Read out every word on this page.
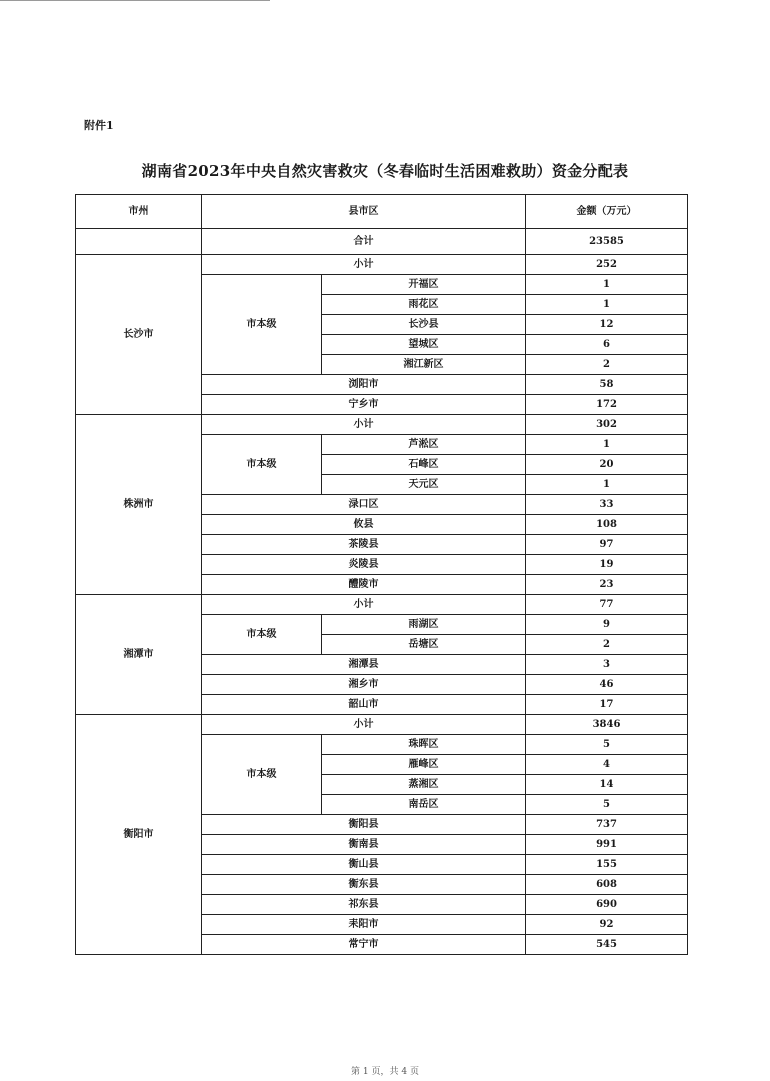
附件1
湖南省2023年中央自然灾害救灾（冬春临时生活困难救助）资金分配表
市州	县市区		金额（万元）
	合计		23585
长沙市	小计		252
	市本级	开福区	1
		雨花区	1
		长沙县	12
		望城区	6
		湘江新区	2
	浏阳市		58
	宁乡市		172
株洲市	小计		302
	市本级	芦淞区	1
		石峰区	20
		天元区	1
	渌口区		33
	攸县		108
	茶陵县		97
	炎陵县		19
	醴陵市		23
湘潭市	小计		77
	市本级	雨湖区	9
		岳塘区	2
	湘潭县		3
	湘乡市		46
	韶山市		17
衡阳市	小计		3846
	市本级	珠晖区	5
		雁峰区	4
		蒸湘区	14
		南岳区	5
	衡阳县		737
	衡南县		991
	衡山县		155
	衡东县		608
	祁东县		690
	耒阳市		92
	常宁市		545
第 1 页，共 4 页
